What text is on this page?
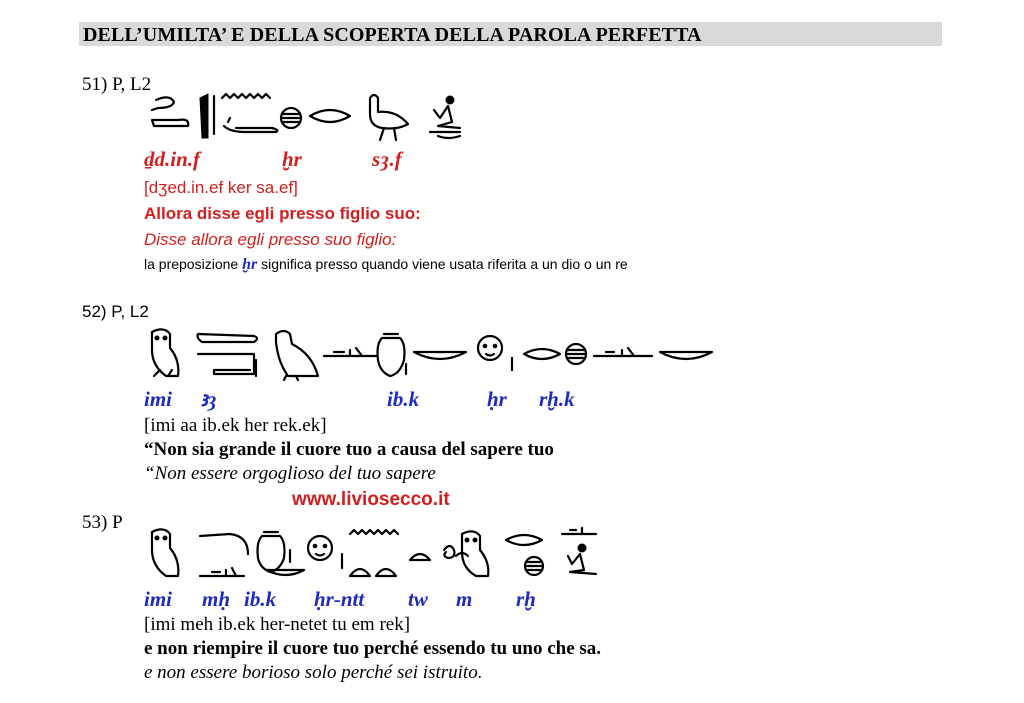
DELL’UMILTA’ E DELLA SCOPERTA DELLA PAROLA PERFETTA
51) P, L2
ḏd.in.f	ḫr	sȝ.f
[dʒed.in.ef ker sa.ef]
Allora disse egli presso figlio suo:
Disse allora egli presso suo figlio:
la preposizione ḫr significa presso quando viene usata riferita a un dio o un re
52) P, L2
imi ꜣȝ	ib.k	ḥr rḫ.k
[imi aa ib.ek her rek.ek]
“Non sia grande il cuore tuo a causa del sapere tuo
“Non essere orgoglioso del tuo sapere
www.liviosecco.it
53) P
imi mḥ ib.k ḥr-ntt tw m rḫ
[imi meh ib.ek her-netet tu em rek]
e non riempire il cuore tuo perché essendo tu uno che sa.
e non essere borioso solo perché sei istruito.
